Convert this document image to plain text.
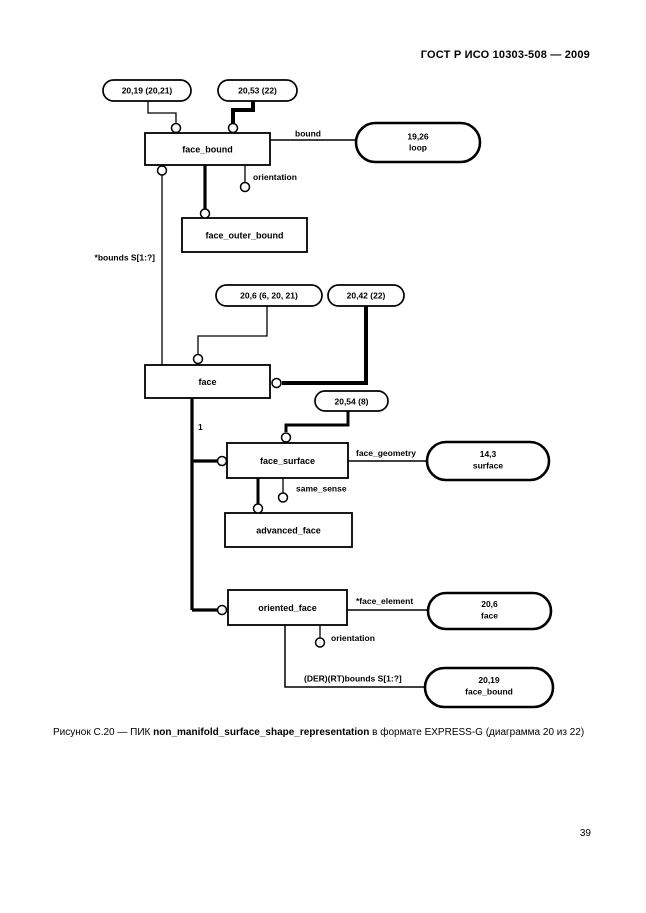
ГОСТ Р ИСО 10303-508 — 2009
face_bound
face_outer_bound
face
face_surface
advanced_face
oriented_face
20,19 (20,21)	20,53 (22)
19,26
loop
20,6 (6, 20, 21)	20,42 (22)
20,54 (8)
14,3
surface
20,6
face
20,19
face_bound
bound
orientation
*bounds S[1:?]
1
face_geometry
same_sense
*face_element
orientation
(DER)(RT)bounds S[1:?]
Рисунок С.20 — ПИК non_manifold_surface_shape_representation в формате EXPRESS-G (диаграмма 20 из 22)
39
